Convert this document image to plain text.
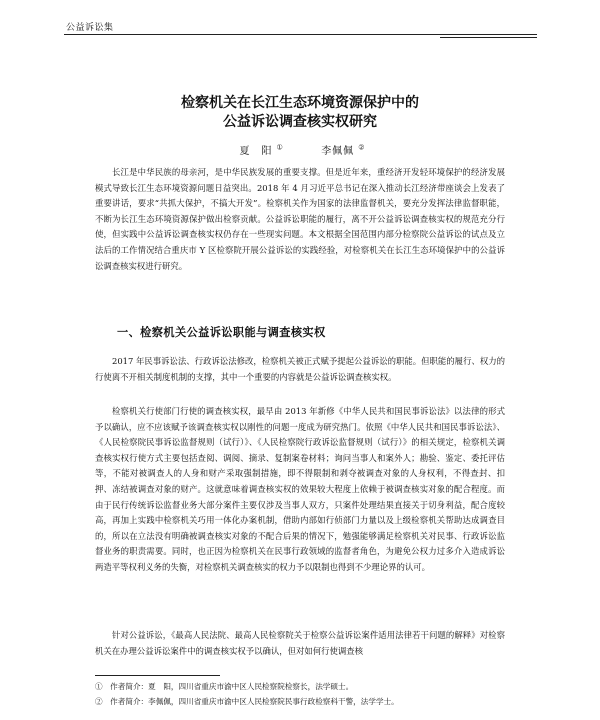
公益诉讼集
检察机关在长江生态环境资源保护中的
公益诉讼调查核实权研究
夏　阳 ①	李佩佩 ②

长江是中华民族的母亲河，是中华民族发展的重要支撑。但是近年来，重经济开发轻环境保护的经济发展模式导致长江生态环境资源问题日益突出。2018 年 4 月习近平总书记在深入推动长江经济带座谈会上发表了重要讲话，要求“共抓大保护，不搞大开发”。检察机关作为国家的法律监督机关，要充分发挥法律监督职能，不断为长江生态环境资源保护做出检察贡献。公益诉讼职能的履行，离不开公益诉讼调查核实权的规范充分行使，但实践中公益诉讼调查核实权仍存在一些现实问题。本文根据全国范围内部分检察院公益诉讼的试点及立法后的工作情况结合重庆市 Y 区检察院开展公益诉讼的实践经验，对检察机关在长江生态环境保护中的公益诉讼调查核实权进行研究。

一、检察机关公益诉讼职能与调查核实权

2017 年民事诉讼法、行政诉讼法修改，检察机关被正式赋予提起公益诉讼的职能。但职能的履行、权力的行使离不开相关制度机制的支撑，其中一个重要的内容就是公益诉讼调查核实权。

检察机关行使部门行使的调查核实权，最早由 2013 年新修《中华人民共和国民事诉讼法》以法律的形式予以确认，应不应该赋予该调查核实权以刚性的问题一度成为研究热门。依照《中华人民共和国民事诉讼法》、《人民检察院民事诉讼监督规则（试行）》、《人民检察院行政诉讼监督规则（试行）》的相关规定，检察机关调查核实权行使方式主要包括查阅、调阅、摘录、复制案卷材料；询问当事人和案外人；勘验、鉴定、委托评估等，不能对被调查人的人身和财产采取强制措施，即不得限制和剥夺被调查对象的人身权利，不得查封、扣押、冻结被调查对象的财产。这就意味着调查核实权的效果较大程度上依赖于被调查核实对象的配合程度。而由于民行传统诉讼监督业务大部分案件主要仅涉及当事人双方，只案件处理结果直接关于切身利益，配合度较高，再加上实践中检察机关巧用一体化办案机制，借助内部如行侦部门力量以及上级检察机关帮助达成调查目的，所以在立法没有明确被调查核实对象的不配合后果的情况下，勉强能够满足检察机关对民事、行政诉讼监督业务的职责需要。同时，也正因为检察机关在民事行政领域的监督者角色，为避免公权力过多介入造成诉讼两造平等权利义务的失衡，对检察机关调查核实的权力予以限制也得到不少理论界的认可。

针对公益诉讼，《最高人民法院、最高人民检察院关于检察公益诉讼案件适用法律若干问题的解释》对检察机关在办理公益诉讼案件中的调查核实权予以确认，但对如何行使调查核

①　作者简介：夏　阳，四川省重庆市渝中区人民检察院检察长，法学硕士。
②　作者简介：李佩佩，四川省重庆市渝中区人民检察院民事行政检察科干警，法学学士。
